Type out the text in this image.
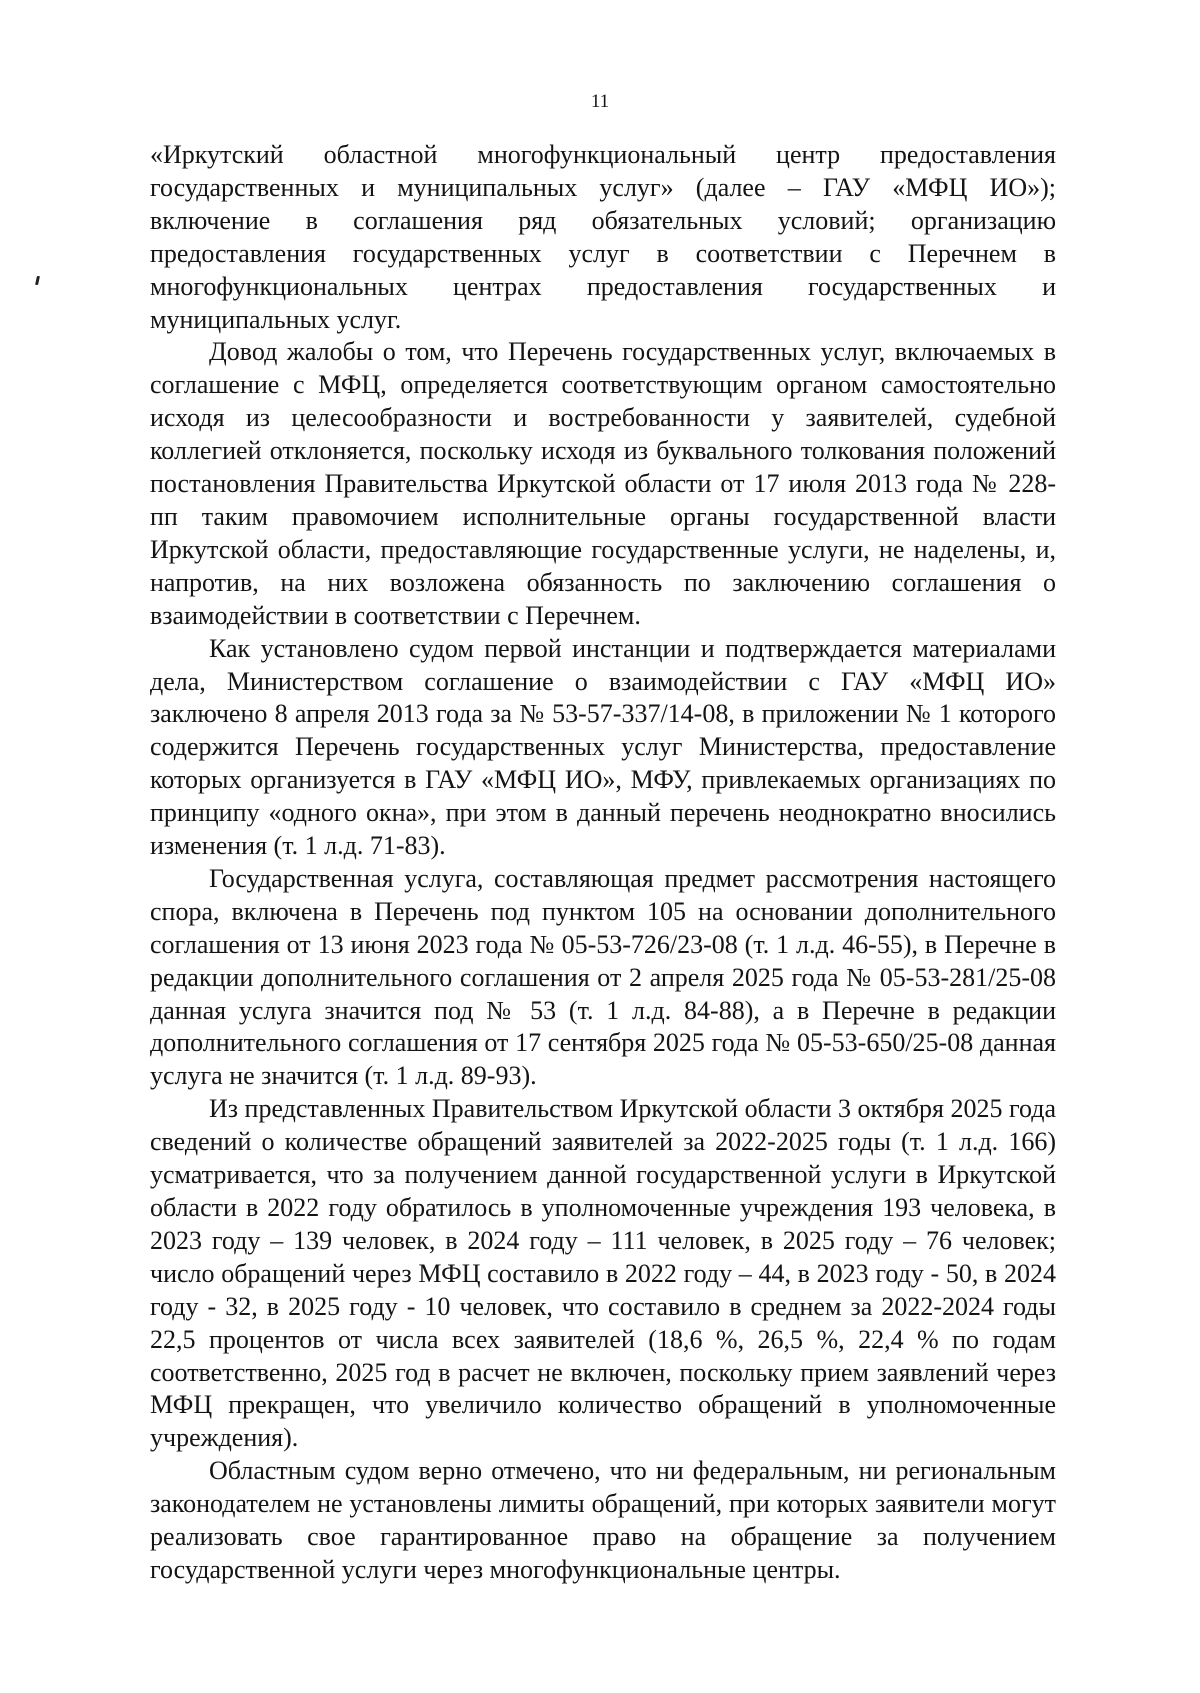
11

«Иркутский областной многофункциональный центр предоставления государственных и муниципальных услуг» (далее – ГАУ «МФЦ ИО»); включение в соглашения ряд обязательных условий; организацию предоставления государственных услуг в соответствии с Перечнем в многофункциональных центрах предоставления государственных и муниципальных услуг.

Довод жалобы о том, что Перечень государственных услуг, включаемых в соглашение с МФЦ, определяется соответствующим органом самостоятельно исходя из целесообразности и востребованности у заявителей, судебной коллегией отклоняется, поскольку исходя из буквального толкования положений постановления Правительства Иркутской области от 17 июля 2013 года № 228-пп таким правомочием исполнительные органы государственной власти Иркутской области, предоставляющие государственные услуги, не наделены, и, напротив, на них возложена обязанность по заключению соглашения о взаимодействии в соответствии с Перечнем.

Как установлено судом первой инстанции и подтверждается материалами дела, Министерством соглашение о взаимодействии с ГАУ «МФЦ ИО» заключено 8 апреля 2013 года за № 53-57-337/14-08, в приложении № 1 которого содержится Перечень государственных услуг Министерства, предоставление которых организуется в ГАУ «МФЦ ИО», МФУ, привлекаемых организациях по принципу «одного окна», при этом в данный перечень неоднократно вносились изменения (т. 1 л.д. 71-83).

Государственная услуга, составляющая предмет рассмотрения настоящего спора, включена в Перечень под пунктом 105 на основании дополнительного соглашения от 13 июня 2023 года № 05-53-726/23-08 (т. 1 л.д. 46-55), в Перечне в редакции дополнительного соглашения от 2 апреля 2025 года № 05-53-281/25-08 данная услуга значится под № 53 (т. 1 л.д. 84-88), а в Перечне в редакции дополнительного соглашения от 17 сентября 2025 года № 05-53-650/25-08 данная услуга не значится (т. 1 л.д. 89-93).

Из представленных Правительством Иркутской области 3 октября 2025 года сведений о количестве обращений заявителей за 2022-2025 годы (т. 1 л.д. 166) усматривается, что за получением данной государственной услуги в Иркутской области в 2022 году обратилось в уполномоченные учреждения 193 человека, в 2023 году – 139 человек, в 2024 году – 111 человек, в 2025 году – 76 человек; число обращений через МФЦ составило в 2022 году – 44, в 2023 году - 50, в 2024 году - 32, в 2025 году - 10 человек, что составило в среднем за 2022-2024 годы 22,5 процентов от числа всех заявителей (18,6 %, 26,5 %, 22,4 % по годам соответственно, 2025 год в расчет не включен, поскольку прием заявлений через МФЦ прекращен, что увеличило количество обращений в уполномоченные учреждения).

Областным судом верно отмечено, что ни федеральным, ни региональным законодателем не установлены лимиты обращений, при которых заявители могут реализовать свое гарантированное право на обращение за получением государственной услуги через многофункциональные центры.
